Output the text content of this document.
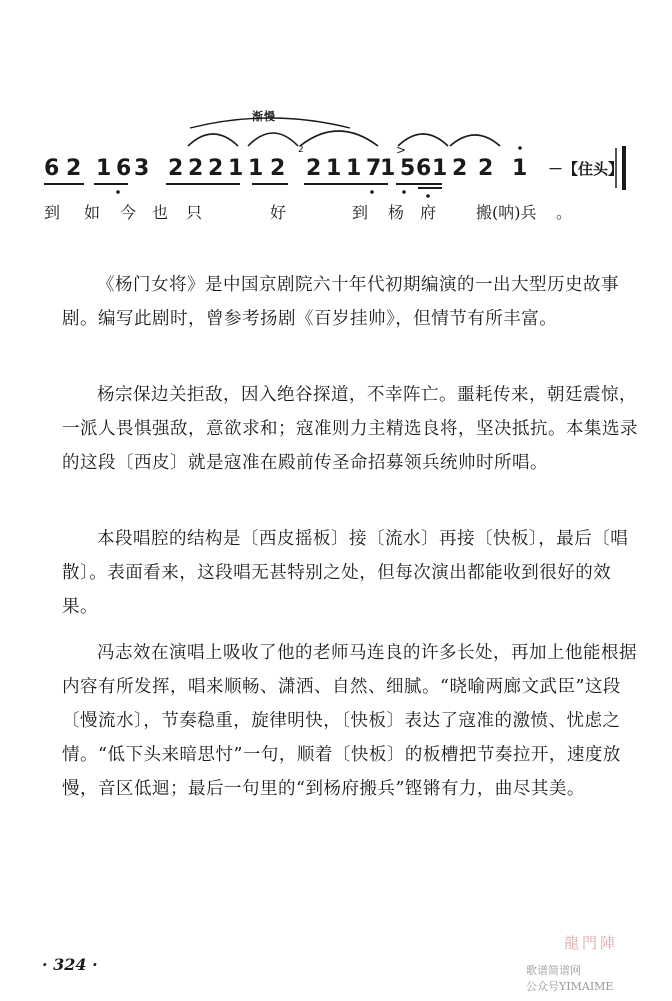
渐慢
6 2 1 6 3 2 2 2 1 1 2 2 1 1 7
1 5 6 1 2 2 1 －【住头】
到 如 今 也 只	好	到 杨 府 搬(呐)兵 。
>
2

《杨门女将》是中国京剧院六十年代初期编演的一出大型历史故事剧。编写此剧时，曾参考扬剧《百岁挂帅》，但情节有所丰富。

杨宗保边关拒敌，因入绝谷探道，不幸阵亡。噩耗传来，朝廷震惊，一派人畏惧强敌，意欲求和；寇准则力主精选良将，坚决抵抗。本集选录的这段〔西皮〕就是寇准在殿前传圣命招募领兵统帅时所唱。

本段唱腔的结构是〔西皮摇板〕接〔流水〕再接〔快板〕，最后〔唱散〕。表面看来，这段唱无甚特别之处，但每次演出都能收到很好的效果。

冯志效在演唱上吸收了他的老师马连良的许多长处，再加上他能根据内容有所发挥，唱来顺畅、潇洒、自然、细腻。“晓喻两廊文武臣”这段〔慢流水〕，节奏稳重，旋律明快，〔快板〕表达了寇准的激愤、忧虑之情。“低下头来暗思忖”一句，顺着〔快板〕的板槽把节奏拉开，速度放慢，音区低迴；最后一句里的“到杨府搬兵”铿锵有力，曲尽其美。

· 324 ·
龍門陣
歌谱简谱网
公众号YIMAIME
